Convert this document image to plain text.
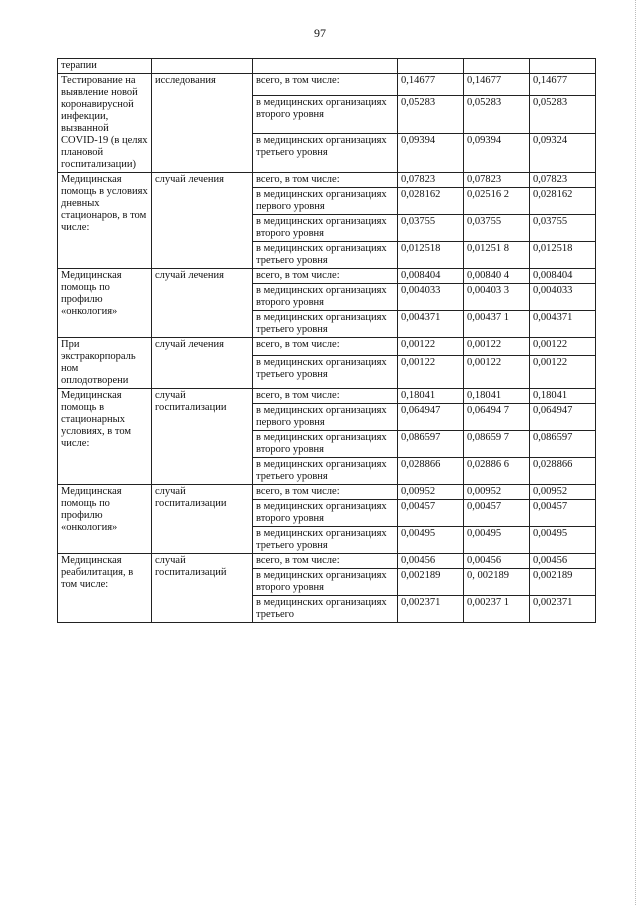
97
терапии					
Тестирование на выявление новой коронавирусной инфекции, вызванной COVID-19 (в целях плановой госпитализации)	исследования	всего, в том числе:	0,14677	0,14677	0,14677
		в медицинских организациях второго уровня	0,05283	0,05283	0,05283
		в медицинских организациях третьего уровня	0,09394	0,09394	0,09324
Медицинская помощь в условиях дневных стационаров, в том числе:	случай лечения	всего, в том числе:	0,07823	0,07823	0,07823
		в медицинских организациях первого уровня	0,028162	0,02516 2	0,028162
		в медицинских организациях второго уровня	0,03755	0,03755	0,03755
		в медицинских организациях третьего уровня	0,012518	0,01251 8	0,012518
Медицинская помощь по профилю «онкология»	случай лечения	всего, в том числе:	0,008404	0,00840 4	0,008404
		в медицинских организациях второго уровня	0,004033	0,00403 3	0,004033
		в медицинских организациях третьего уровня	0,004371	0,00437 1	0,004371
При экстракорпораль ном оплодотворени	случай лечения	всего, в том числе:	0,00122	0,00122	0,00122
		в медицинских организациях третьего уровня	0,00122	0,00122	0,00122
Медицинская помощь в стационарных условиях, в том числе:	случай госпитализации	всего, в том числе:	0,18041	0,18041	0,18041
		в медицинских организациях первого уровня	0,064947	0,06494 7	0,064947
		в медицинских организациях второго уровня	0,086597	0,08659 7	0,086597
		в медицинских организациях третьего уровня	0,028866	0,02886 6	0,028866
Медицинская помощь по профилю «онкология»	случай госпитализации	всего, в том числе:	0,00952	0,00952	0,00952
		в медицинских организациях второго уровня	0,00457	0,00457	0,00457
		в медицинских организациях третьего уровня	0,00495	0,00495	0,00495
Медицинская реабилитация, в том числе:	случай госпитализаций	всего, в том числе:	0,00456	0,00456	0,00456
		в медицинских организациях второго уровня	0,002189	0, 002189	0,002189
		в медицинских организациях третьего	0,002371	0,00237 1	0,002371
